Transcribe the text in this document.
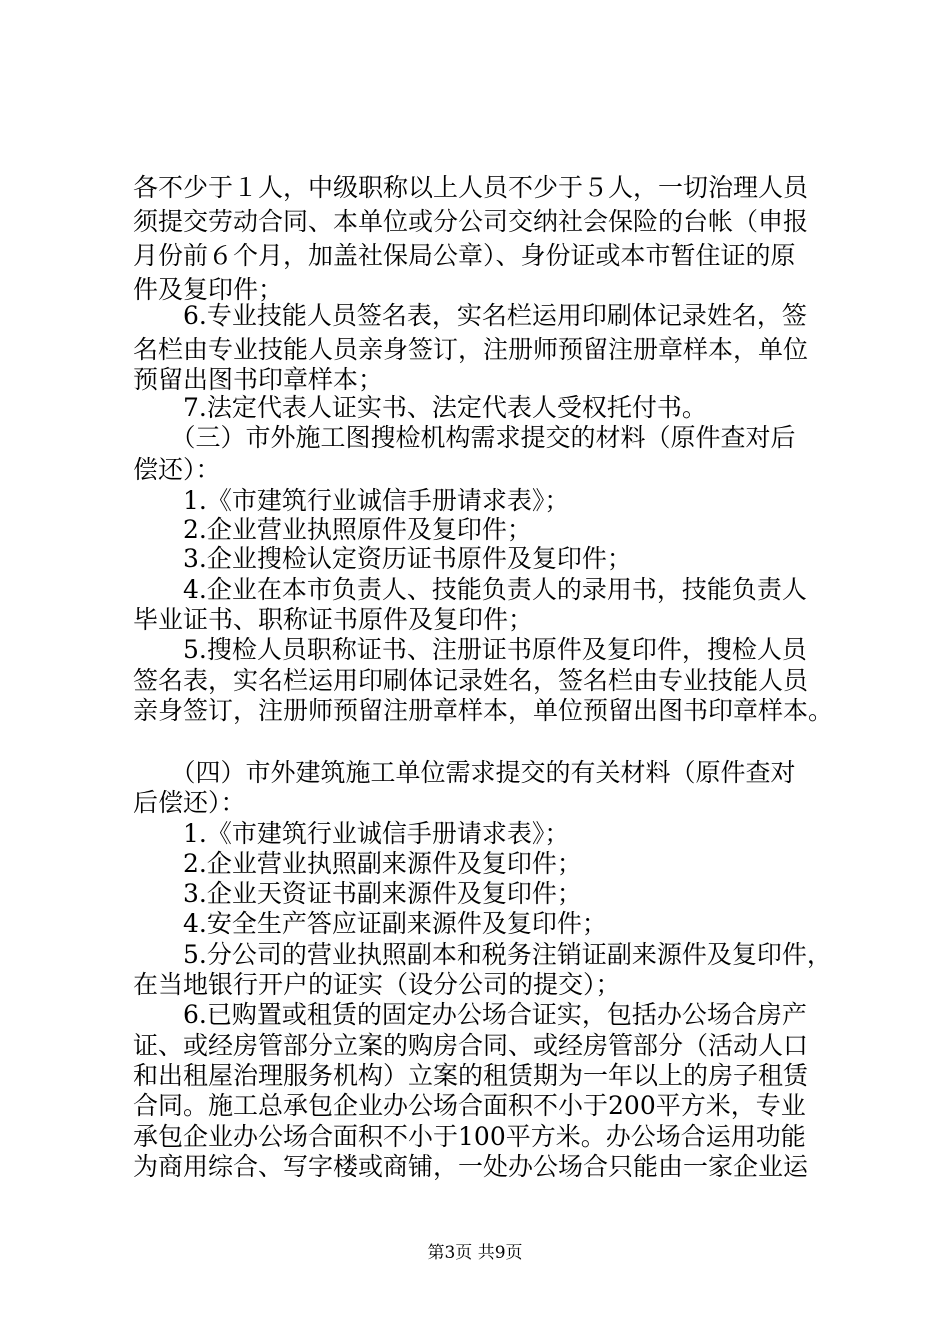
各不少于１人，中级职称以上人员不少于５人，一切治理人员
须提交劳动合同、本单位或分公司交纳社会保险的台帐（申报
月份前６个月，加盖社保局公章）、身份证或本市暂住证的原
件及复印件；
　　6.专业技能人员签名表，实名栏运用印刷体记录姓名，签
名栏由专业技能人员亲身签订，注册师预留注册章样本，单位
预留出图书印章样本；
　　7.法定代表人证实书、法定代表人受权托付书。
　　（三）市外施工图搜检机构需求提交的材料（原件查对后
偿还）：
　　1.《市建筑行业诚信手册请求表》；
　　2.企业营业执照原件及复印件；
　　3.企业搜检认定资历证书原件及复印件；
　　4.企业在本市负责人、技能负责人的录用书，技能负责人
毕业证书、职称证书原件及复印件；
　　5.搜检人员职称证书、注册证书原件及复印件，搜检人员
签名表，实名栏运用印刷体记录姓名，签名栏由专业技能人员
亲身签订，注册师预留注册章样本，单位预留出图书印章样本。
　　（四）市外建筑施工单位需求提交的有关材料（原件查对
后偿还）：
　　1.《市建筑行业诚信手册请求表》；
　　2.企业营业执照副来源件及复印件；
　　3.企业天资证书副来源件及复印件；
　　4.安全生产答应证副来源件及复印件；
　　5.分公司的营业执照副本和税务注销证副来源件及复印件，
在当地银行开户的证实（设分公司的提交）；
　　6.已购置或租赁的固定办公场合证实，包括办公场合房产
证、或经房管部分立案的购房合同、或经房管部分（活动人口
和出租屋治理服务机构）立案的租赁期为一年以上的房子租赁
合同。施工总承包企业办公场合面积不小于200平方米，专业
承包企业办公场合面积不小于100平方米。办公场合运用功能
为商用综合、写字楼或商铺，一处办公场合只能由一家企业运
第3页 共9页
